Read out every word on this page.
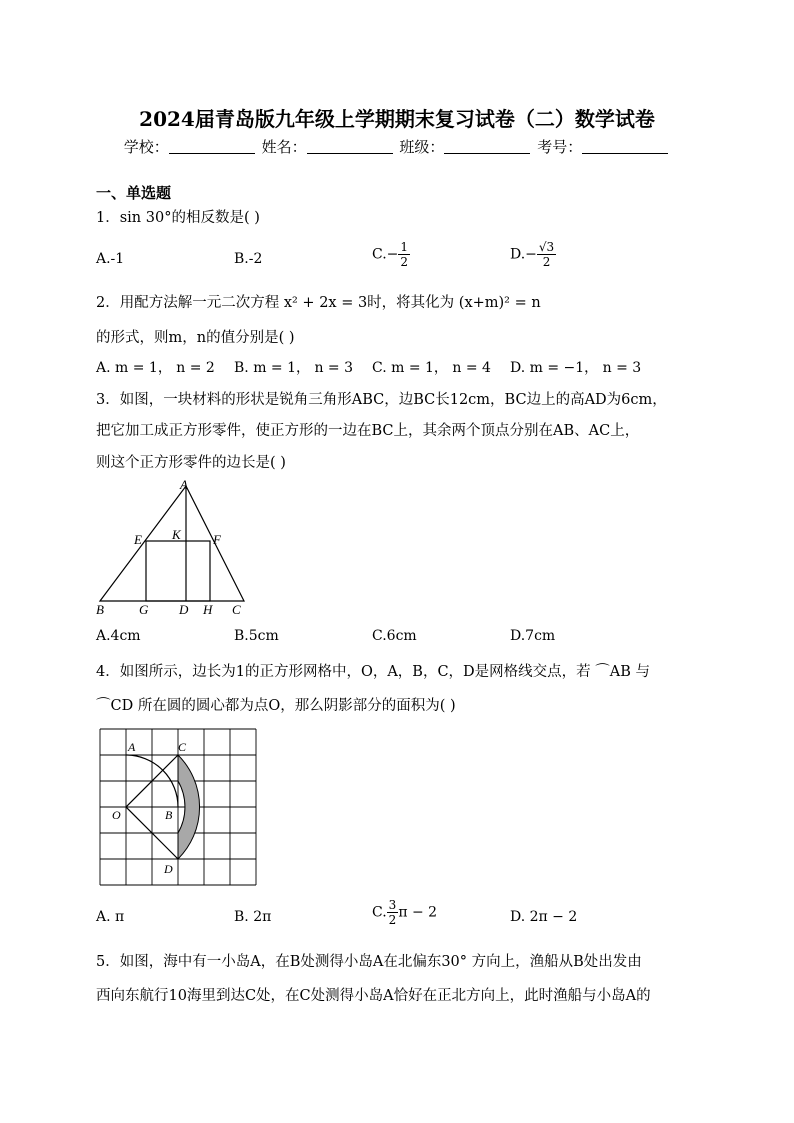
2024届青岛版九年级上学期期末复习试卷（二）数学试卷
学校：	姓名：	班级：	考号：
一、单选题
1．sin 30°的相反数是( )
A.-1	B.-2	$C.- \frac{1}{2}$	$D.- \frac{√3}{2}$
2．用配方法解一元二次方程 x² + 2x = 3时，将其化为 (x+m)² = n
的形式，则m，n的值分别是( )
A. m = 1， n = 2 B. m = 1， n = 3 C. m = 1， n = 4 D. m = −1， n = 3
3．如图，一块材料的形状是锐角三角形ABC，边BC长12cm，BC边上的高AD为6cm，
把它加工成正方形零件，使正方形的一边在BC上，其余两个顶点分别在AB、AC上，
则这个正方形零件的边长是( )
A
B	C
D
E	F
G	H
K
A.4cm	B.5cm	C.6cm	D.7cm
4．如图所示，边长为1的正方形网格中，O，A，B，C，D是网格线交点，若 ⌒AB 与
⌒CD 所在圆的圆心都为点O，那么阴影部分的面积为( )
A	C
O	B
D
A. π	B. 2π	C. $\frac{3}{2}$ π − 2	D. 2π − 2
5．如图，海中有一小岛A，在B处测得小岛A在北偏东30° 方向上，渔船从B处出发由
西向东航行10海里到达C处，在C处测得小岛A恰好在正北方向上，此时渔船与小岛A的
